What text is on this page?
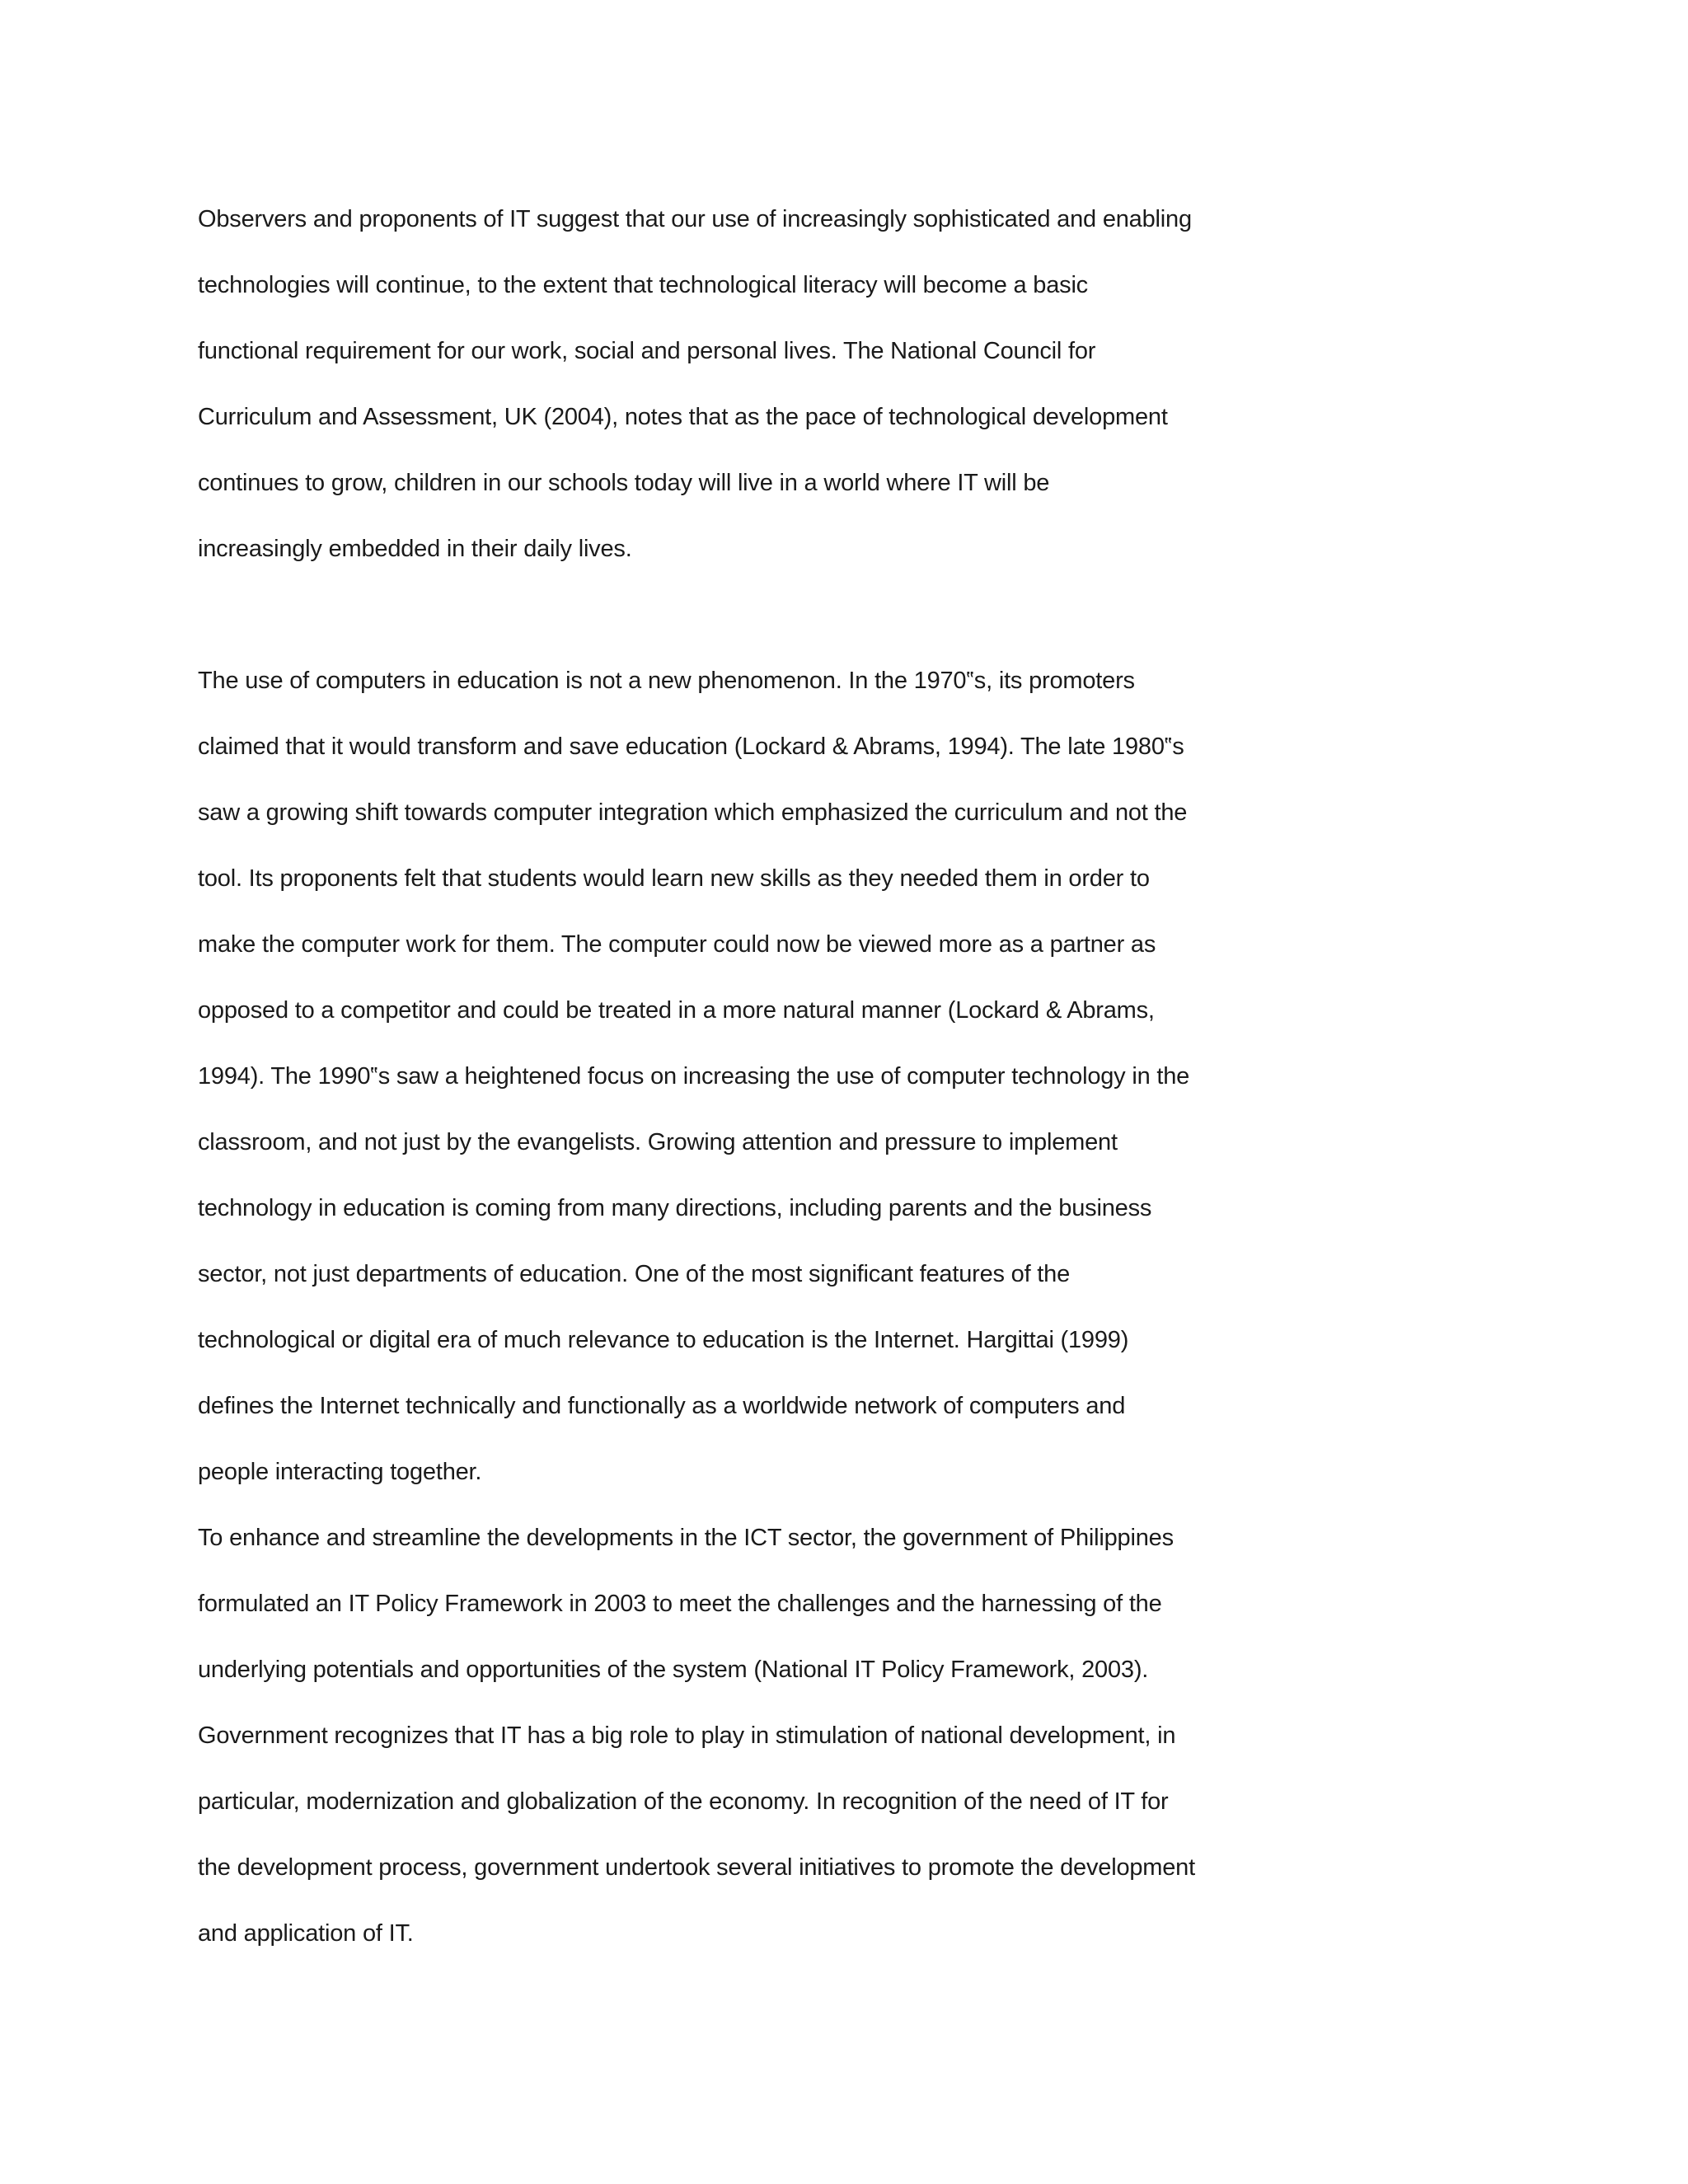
Observers and proponents of IT suggest that our use of increasingly sophisticated and enabling
technologies will continue, to the extent that technological literacy will become a basic
functional requirement for our work, social and personal lives. The National Council for
Curriculum and Assessment, UK (2004), notes that as the pace of technological development
continues to grow, children in our schools today will live in a world where IT will be
increasingly embedded in their daily lives.
The use of computers in education is not a new phenomenon. In the 1970‟s, its promoters
claimed that it would transform and save education (Lockard & Abrams, 1994). The late 1980‟s
saw a growing shift towards computer integration which emphasized the curriculum and not the
tool. Its proponents felt that students would learn new skills as they needed them in order to
make the computer work for them. The computer could now be viewed more as a partner as
opposed to a competitor and could be treated in a more natural manner (Lockard & Abrams,
1994). The 1990‟s saw a heightened focus on increasing the use of computer technology in the
classroom, and not just by the evangelists. Growing attention and pressure to implement
technology in education is coming from many directions, including parents and the business
sector, not just departments of education. One of the most significant features of the
technological or digital era of much relevance to education is the Internet. Hargittai (1999)
defines the Internet technically and functionally as a worldwide network of computers and
people interacting together.
To enhance and streamline the developments in the ICT sector, the government of Philippines
formulated an IT Policy Framework in 2003 to meet the challenges and the harnessing of the
underlying potentials and opportunities of the system (National IT Policy Framework, 2003).
Government recognizes that IT has a big role to play in stimulation of national development, in
particular, modernization and globalization of the economy. In recognition of the need of IT for
the development process, government undertook several initiatives to promote the development
and application of IT.
